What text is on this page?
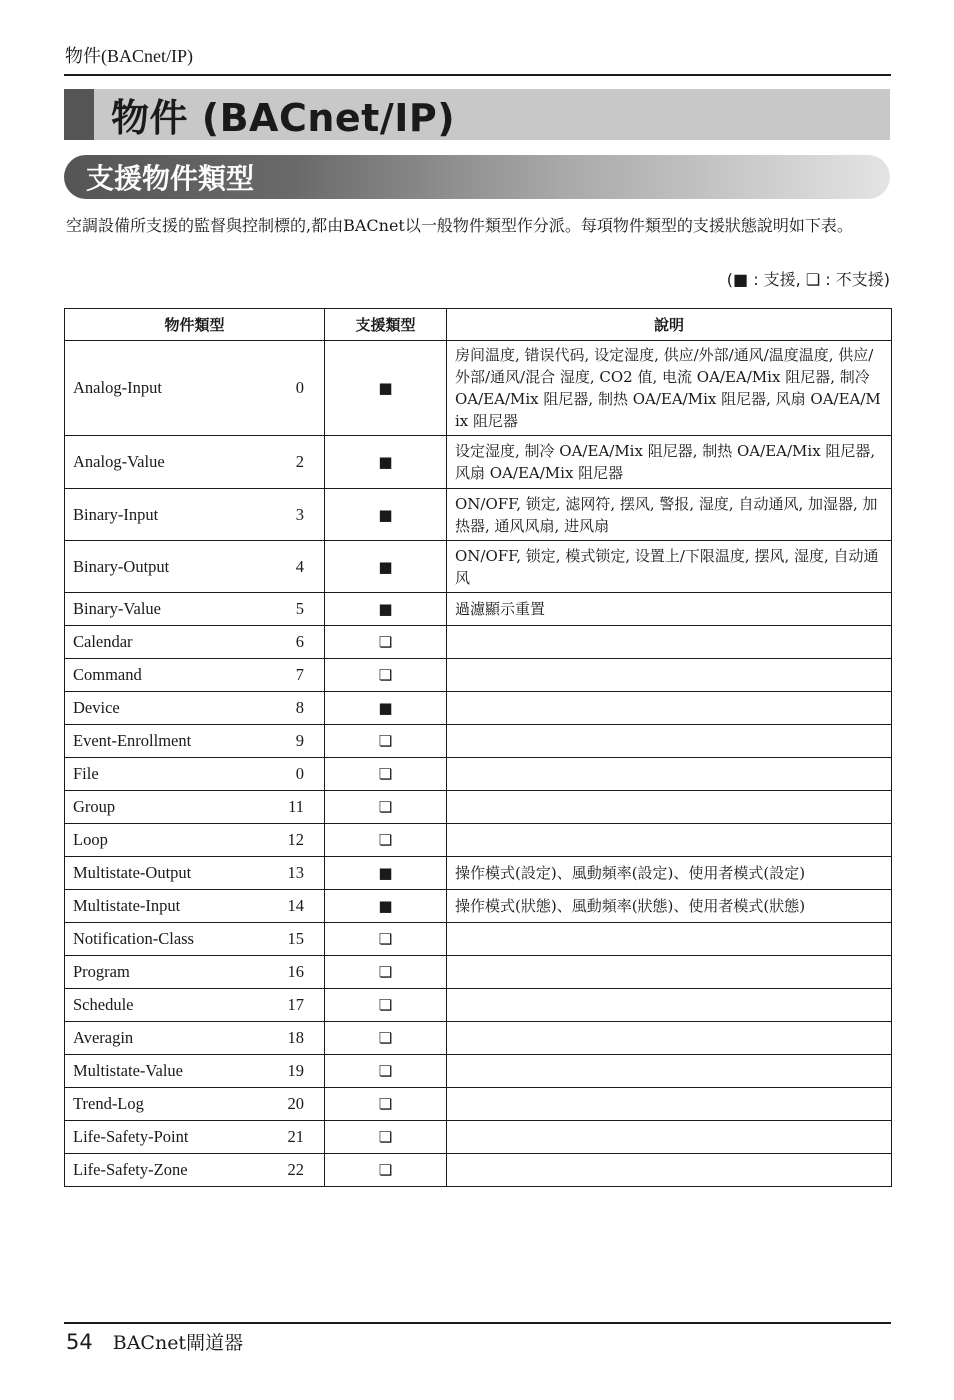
物件(BACnet/IP)
物件 (BACnet/IP)
支援物件類型
空調設備所支援的監督與控制標的,都由BACnet以一般物件類型作分派。每項物件類型的支援狀態說明如下表。
(■ : 支援, ❏ : 不支援)
物件類型	支援類型	說明

Analog-Input 0	■	房间温度, 错误代码, 设定湿度, 供应/外部/通风/温度温度, 供应/外部/通风/混合 湿度, CO2 值, 电流 OA/EA/Mix 阻尼器, 制冷 OA/EA/Mix 阻尼器, 制热 OA/EA/Mix 阻尼器, 风扇 OA/EA/Mix 阻尼器

Analog-Value 2	■	设定湿度, 制冷 OA/EA/Mix 阻尼器, 制热 OA/EA/Mix 阻尼器, 风扇 OA/EA/Mix 阻尼器

Binary-Input 3	■	ON/OFF, 锁定, 滤网符, 摆风, 警报, 湿度, 自动通风, 加湿器, 加热器, 通风风扇, 进风扇

Binary-Output 4	■	ON/OFF, 锁定, 模式锁定, 设置上/下限温度, 摆风, 湿度, 自动通风

Binary-Value 5	■	過濾顯示重置

Calendar 6	❏	

Command 7	❏	

Device 8	■	

Event-Enrollment 9	❏	

File 0	❏	

Group 11	❏	

Loop 12	❏	

Multistate-Output 13	■	操作模式(設定)、風動頻率(設定)、使用者模式(設定)

Multistate-Input 14	■	操作模式(狀態)、風動頻率(狀態)、使用者模式(狀態)

Notification-Class 15	❏	

Program 16	❏	

Schedule 17	❏	

Averagin 18	❏	

Multistate-Value 19	❏	

Trend-Log 20	❏	

Life-Safety-Point 21	❏	

Life-Safety-Zone 22	❏	
54 BACnet閘道器
